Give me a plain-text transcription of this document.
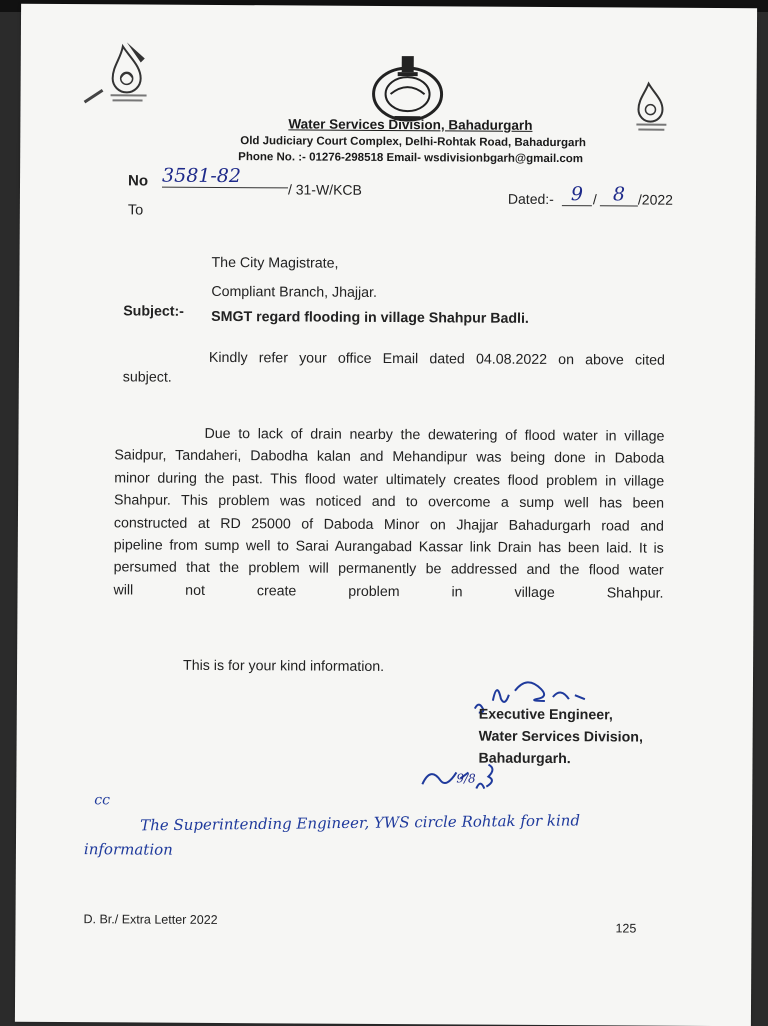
Water Services Division, Bahadurgarh
Old Judiciary Court Complex, Delhi-Rohtak Road, Bahadurgarh
Phone No. :- 01276-298518 Email- wsdivisionbgarh@gmail.com
No 3581-82
/ 31-W/KCB
Dated:- 9 / 8 /2022
To
The City Magistrate,
Compliant Branch, Jhajjar.
Subject:- SMGT regard flooding in village Shahpur Badli.
Kindly refer your office Email dated 04.08.2022 on above cited
subject.
Due to lack of drain nearby the dewatering of flood water in village
Saidpur, Tandaheri, Dabodha kalan and Mehandipur was being done in Daboda
minor during the past. This flood water ultimately creates flood problem in village
Shahpur. This problem was noticed and to overcome a sump well has been
constructed at RD 25000 of Daboda Minor on Jhajjar Bahadurgarh road and
pipeline from sump well to Sarai Aurangabad Kassar link Drain has been laid. It is
persumed that the problem will permanently be addressed and the flood water
will not create problem in village Shahpur.
This is for your kind information.
Executive Engineer,
Water Services Division,
Bahadurgarh.
9/8
cc
The Superintending Engineer, YWS circle Rohtak for kind
information
D. Br./ Extra Letter 2022
125
